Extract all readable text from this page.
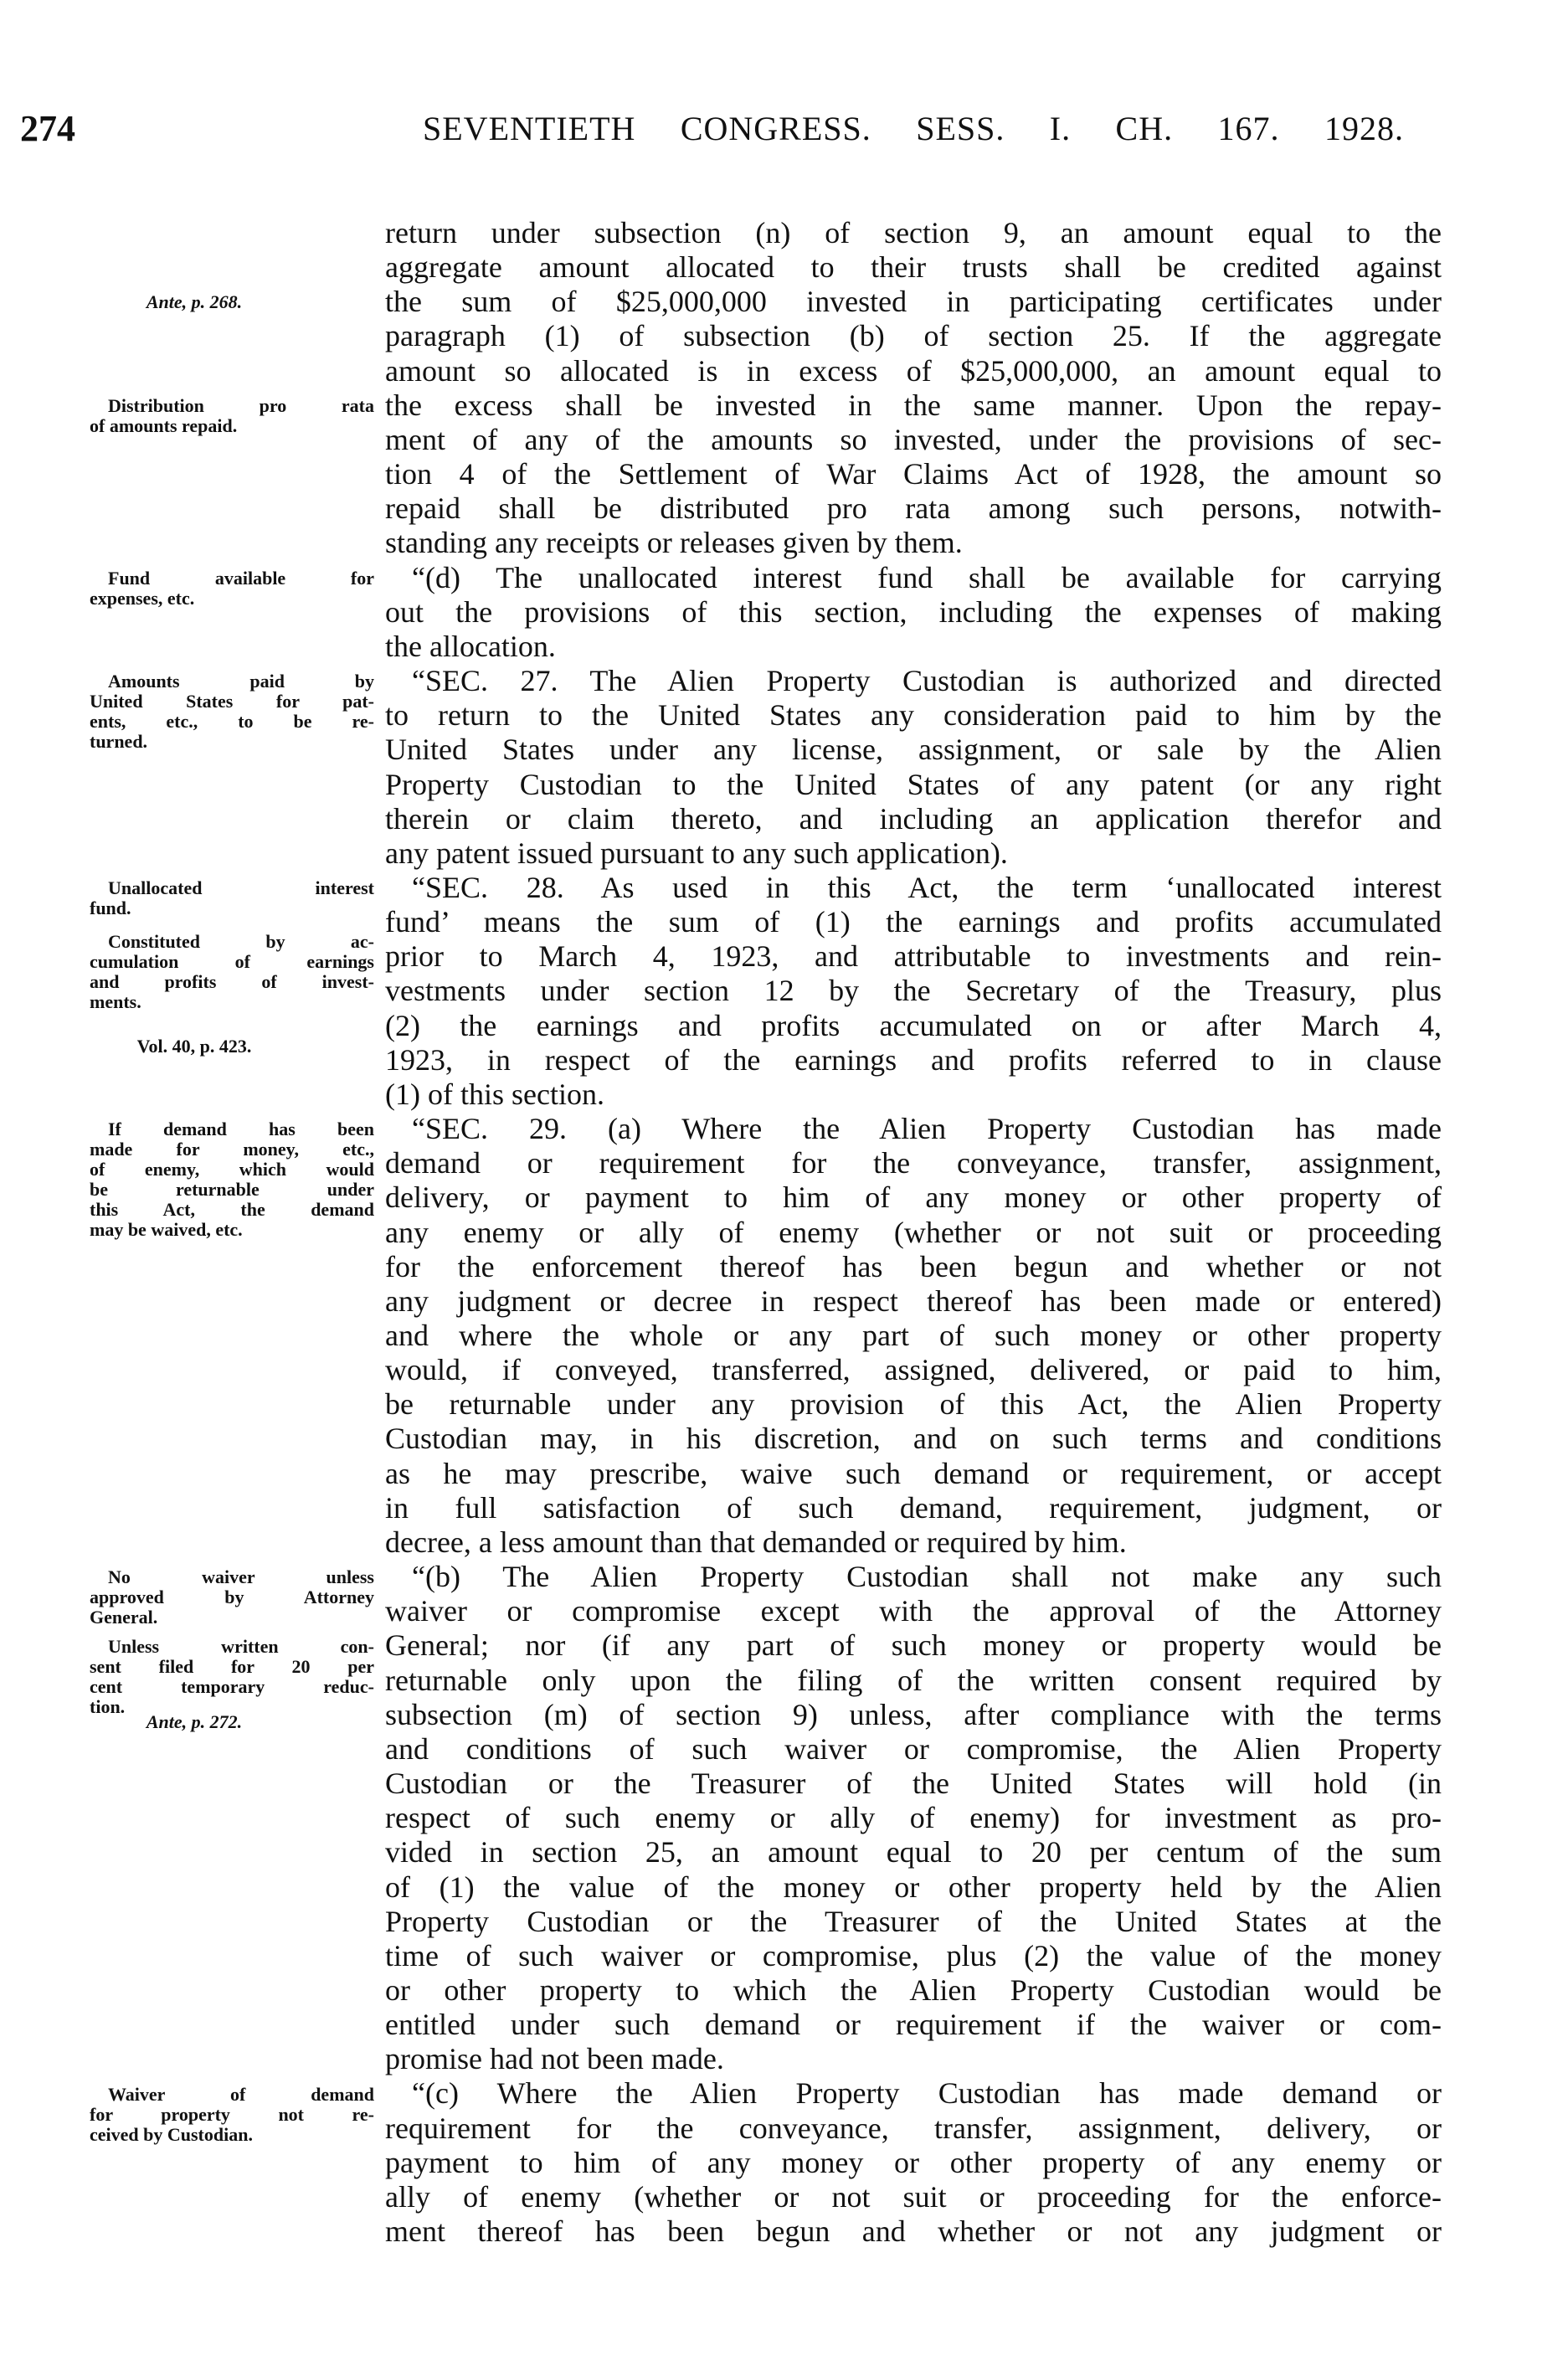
274	SEVENTIETH CONGRESS. SESS. I. CH. 167. 1928.
return under subsection (n) of section 9, an amount equal to the
aggregate amount allocated to their trusts shall be credited against
the sum of $25,000,000 invested in participating certificates under
paragraph (1) of subsection (b) of section 25. If the aggregate
amount so allocated is in excess of $25,000,000, an amount equal to
the excess shall be invested in the same manner. Upon the repay-
ment of any of the amounts so invested, under the provisions of sec-
tion 4 of the Settlement of War Claims Act of 1928, the amount so
repaid shall be distributed pro rata among such persons, notwith-
standing any receipts or releases given by them.
“(d) The unallocated interest fund shall be available for carrying
out the provisions of this section, including the expenses of making
the allocation.
“SEC. 27. The Alien Property Custodian is authorized and directed
to return to the United States any consideration paid to him by the
United States under any license, assignment, or sale by the Alien
Property Custodian to the United States of any patent (or any right
therein or claim thereto, and including an application therefor and
any patent issued pursuant to any such application).
“SEC. 28. As used in this Act, the term ‘unallocated interest
fund’ means the sum of (1) the earnings and profits accumulated
prior to March 4, 1923, and attributable to investments and rein-
vestments under section 12 by the Secretary of the Treasury, plus
(2) the earnings and profits accumulated on or after March 4,
1923, in respect of the earnings and profits referred to in clause
(1) of this section.
“SEC. 29. (a) Where the Alien Property Custodian has made
demand or requirement for the conveyance, transfer, assignment,
delivery, or payment to him of any money or other property of
any enemy or ally of enemy (whether or not suit or proceeding
for the enforcement thereof has been begun and whether or not
any judgment or decree in respect thereof has been made or entered)
and where the whole or any part of such money or other property
would, if conveyed, transferred, assigned, delivered, or paid to him,
be returnable under any provision of this Act, the Alien Property
Custodian may, in his discretion, and on such terms and conditions
as he may prescribe, waive such demand or requirement, or accept
in full satisfaction of such demand, requirement, judgment, or
decree, a less amount than that demanded or required by him.
“(b) The Alien Property Custodian shall not make any such
waiver or compromise except with the approval of the Attorney
General; nor (if any part of such money or property would be
returnable only upon the filing of the written consent required by
subsection (m) of section 9) unless, after compliance with the terms
and conditions of such waiver or compromise, the Alien Property
Custodian or the Treasurer of the United States will hold (in
respect of such enemy or ally of enemy) for investment as pro-
vided in section 25, an amount equal to 20 per centum of the sum
of (1) the value of the money or other property held by the Alien
Property Custodian or the Treasurer of the United States at the
time of such waiver or compromise, plus (2) the value of the money
or other property to which the Alien Property Custodian would be
entitled under such demand or requirement if the waiver or com-
promise had not been made.
“(c) Where the Alien Property Custodian has made demand or
requirement for the conveyance, transfer, assignment, delivery, or
payment to him of any money or other property of any enemy or
ally of enemy (whether or not suit or proceeding for the enforce-
ment thereof has been begun and whether or not any judgment or
Ante, p. 268.
Distribution pro rata
of amounts repaid.
Fund available for
expenses, etc.
Amounts paid by
United States for pat-
ents, etc., to be re-
turned.
Unallocated interest
fund.
Constituted by ac-
cumulation of earnings
and profits of invest-
ments.
Vol. 40, p. 423.
If demand has been
made for money, etc.,
of enemy, which would
be returnable under
this Act, the demand
may be waived, etc.
No waiver unless
approved by Attorney
General.
Unless written con-
sent filed for 20 per
cent temporary reduc-
tion.
Ante, p. 272.
Waiver of demand
for property not re-
ceived by Custodian.
